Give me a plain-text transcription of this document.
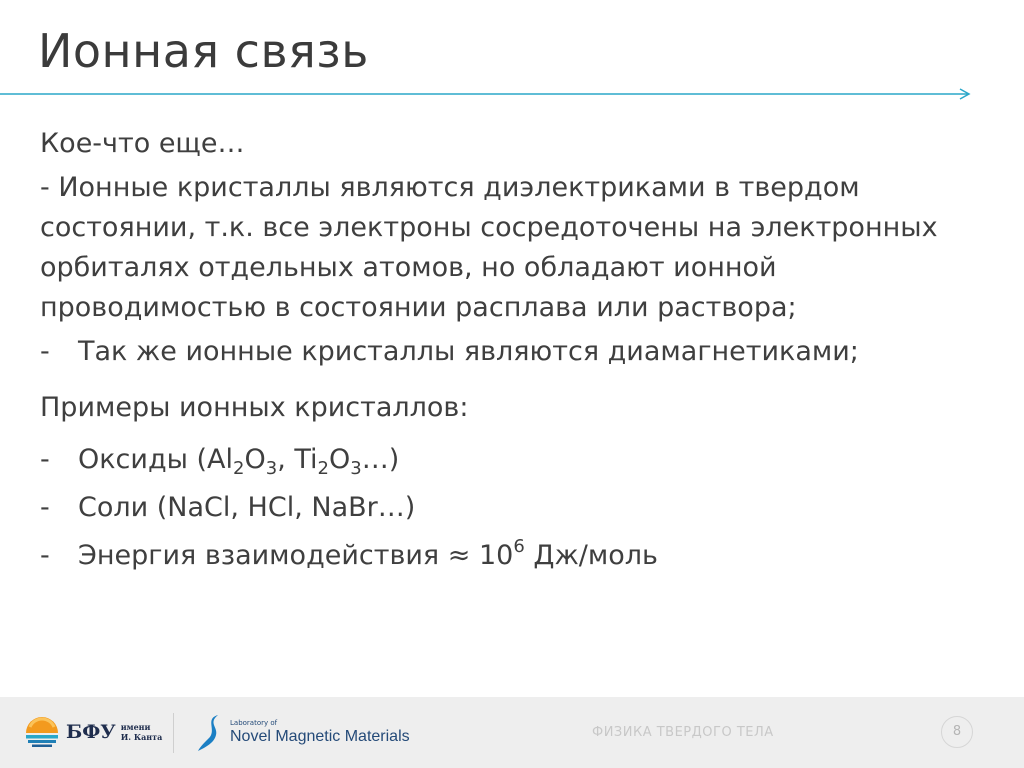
Ионная связь

Кое-что еще…

- Ионные кристаллы являются диэлектриками в твердом состоянии, т.к. все электроны сосредоточены на электронных орбиталях отдельных атомов, но обладают ионной проводимостью в состоянии расплава или раствора;

-	Так же ионные кристаллы являются диамагнетиками;

Примеры ионных кристаллов:

-	Оксиды ($Al_2O_3$, $Ti_2O_3\dots$)
-	Соли (NaCl, HCl, NaBr…)
-	Энергия взаимодействия ≈ $10^6$ Дж/моль
БФУ имени
И. Канта
Laboratory of
Novel Magnetic Materials	ФИЗИКА ТВЕРДОГО ТЕЛА	8
